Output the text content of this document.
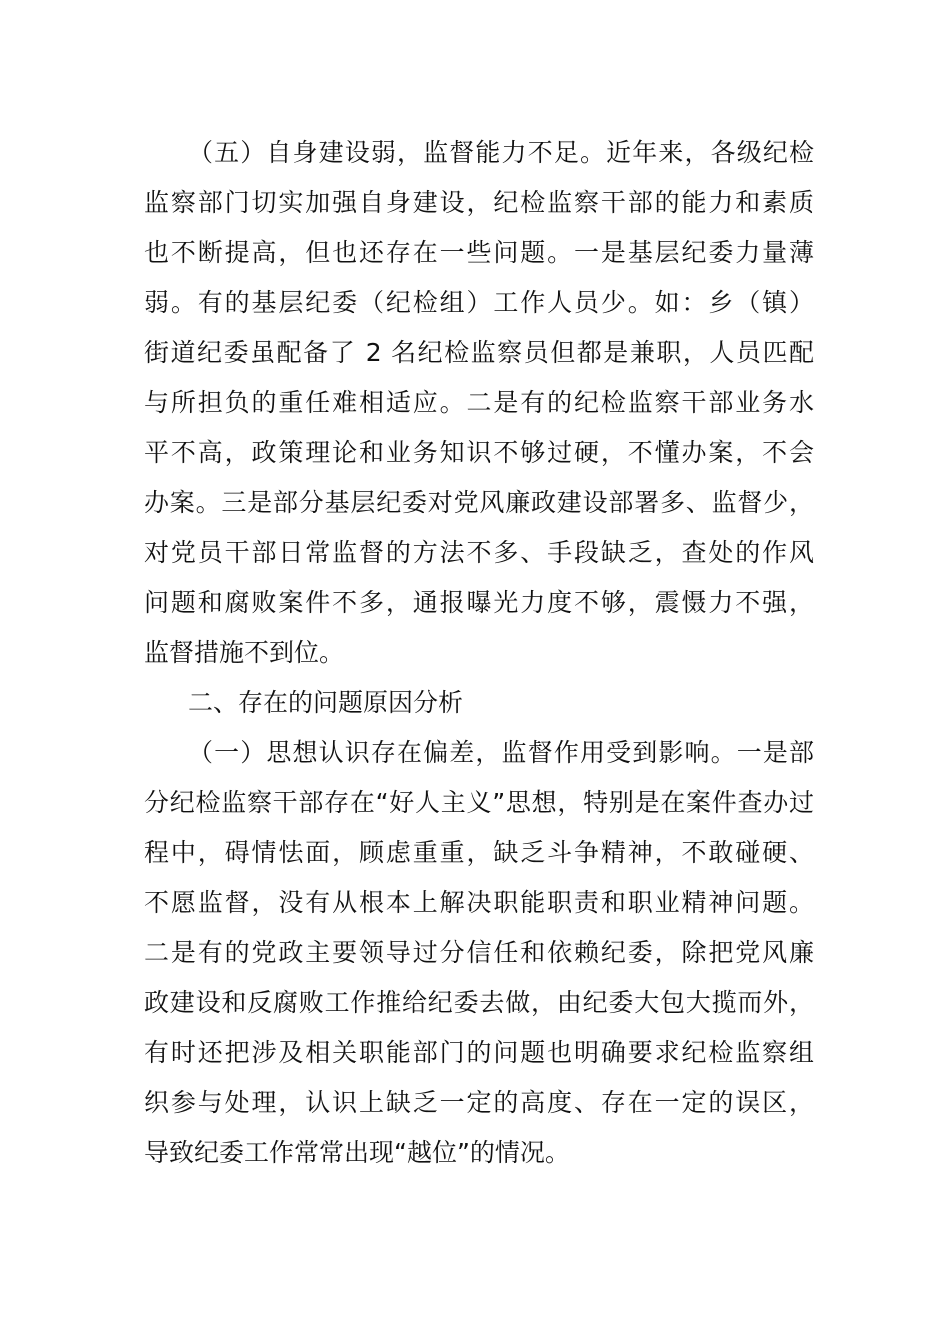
（五）自身建设弱，监督能力不足。近年来，各级纪检
监察部门切实加强自身建设，纪检监察干部的能力和素质
也不断提高，但也还存在一些问题。一是基层纪委力量薄
弱。有的基层纪委（纪检组）工作人员少。如：乡（镇）
街道纪委虽配备了 2 名纪检监察员但都是兼职，人员匹配
与所担负的重任难相适应。二是有的纪检监察干部业务水
平不高，政策理论和业务知识不够过硬，不懂办案，不会
办案。三是部分基层纪委对党风廉政建设部署多、监督少，
对党员干部日常监督的方法不多、手段缺乏，查处的作风
问题和腐败案件不多，通报曝光力度不够，震慑力不强，
监督措施不到位。
二、存在的问题原因分析
（一）思想认识存在偏差，监督作用受到影响。一是部
分纪检监察干部存在“好人主义”思想，特别是在案件查办过
程中，碍情怯面，顾虑重重，缺乏斗争精神，不敢碰硬、
不愿监督，没有从根本上解决职能职责和职业精神问题。
二是有的党政主要领导过分信任和依赖纪委，除把党风廉
政建设和反腐败工作推给纪委去做，由纪委大包大揽而外，
有时还把涉及相关职能部门的问题也明确要求纪检监察组
织参与处理，认识上缺乏一定的高度、存在一定的误区，
导致纪委工作常常出现“越位”的情况。
